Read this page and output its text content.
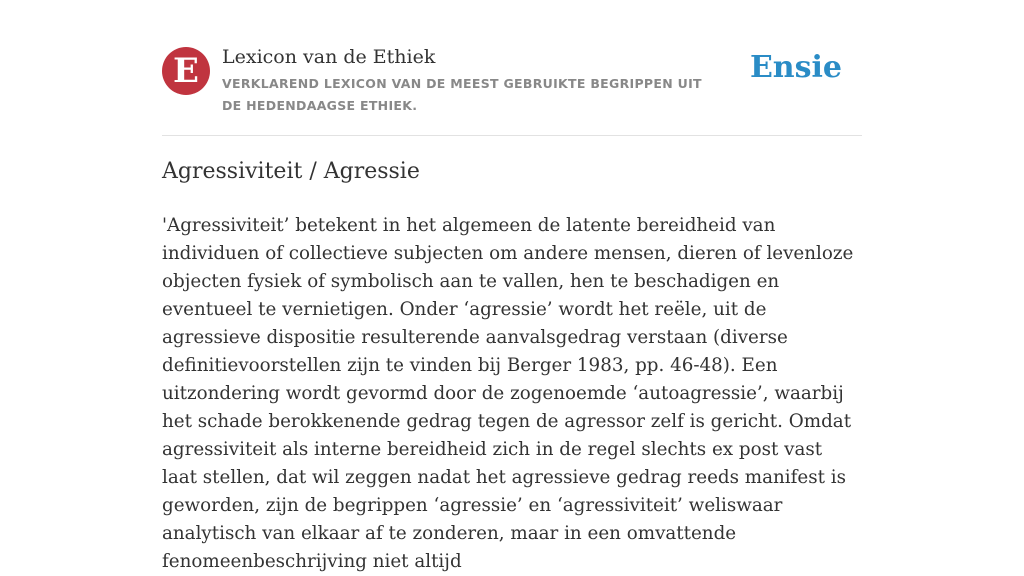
E	Lexicon van de Ethiek
VERKLAREND LEXICON VAN DE MEEST GEBRUIKTE BEGRIPPEN UIT DE HEDENDAAGSE ETHIEK.
Ensie
Agressiviteit / Agressie

'Agressiviteit’ betekent in het algemeen de latente bereidheid van individuen of collectieve subjecten om andere mensen, dieren of levenloze objecten fysiek of symbolisch aan te vallen, hen te beschadigen en eventueel te vernietigen. Onder ‘agressie’ wordt het reële, uit de agressieve dispositie resulterende aanvalsgedrag verstaan (diverse definitievoorstellen zijn te vinden bij Berger 1983, pp. 46-48). Een uitzondering wordt gevormd door de zogenoemde ‘autoagressie’, waarbij het schade berokkenende gedrag tegen de agressor zelf is gericht. Omdat agressiviteit als interne bereidheid zich in de regel slechts ex post vast laat stellen, dat wil zeggen nadat het agressieve gedrag reeds manifest is geworden, zijn de begrippen ‘agressie’ en ‘agressiviteit’ weliswaar analytisch van elkaar af te zonderen, maar in een omvattende fenomeenbeschrijving niet altijd
